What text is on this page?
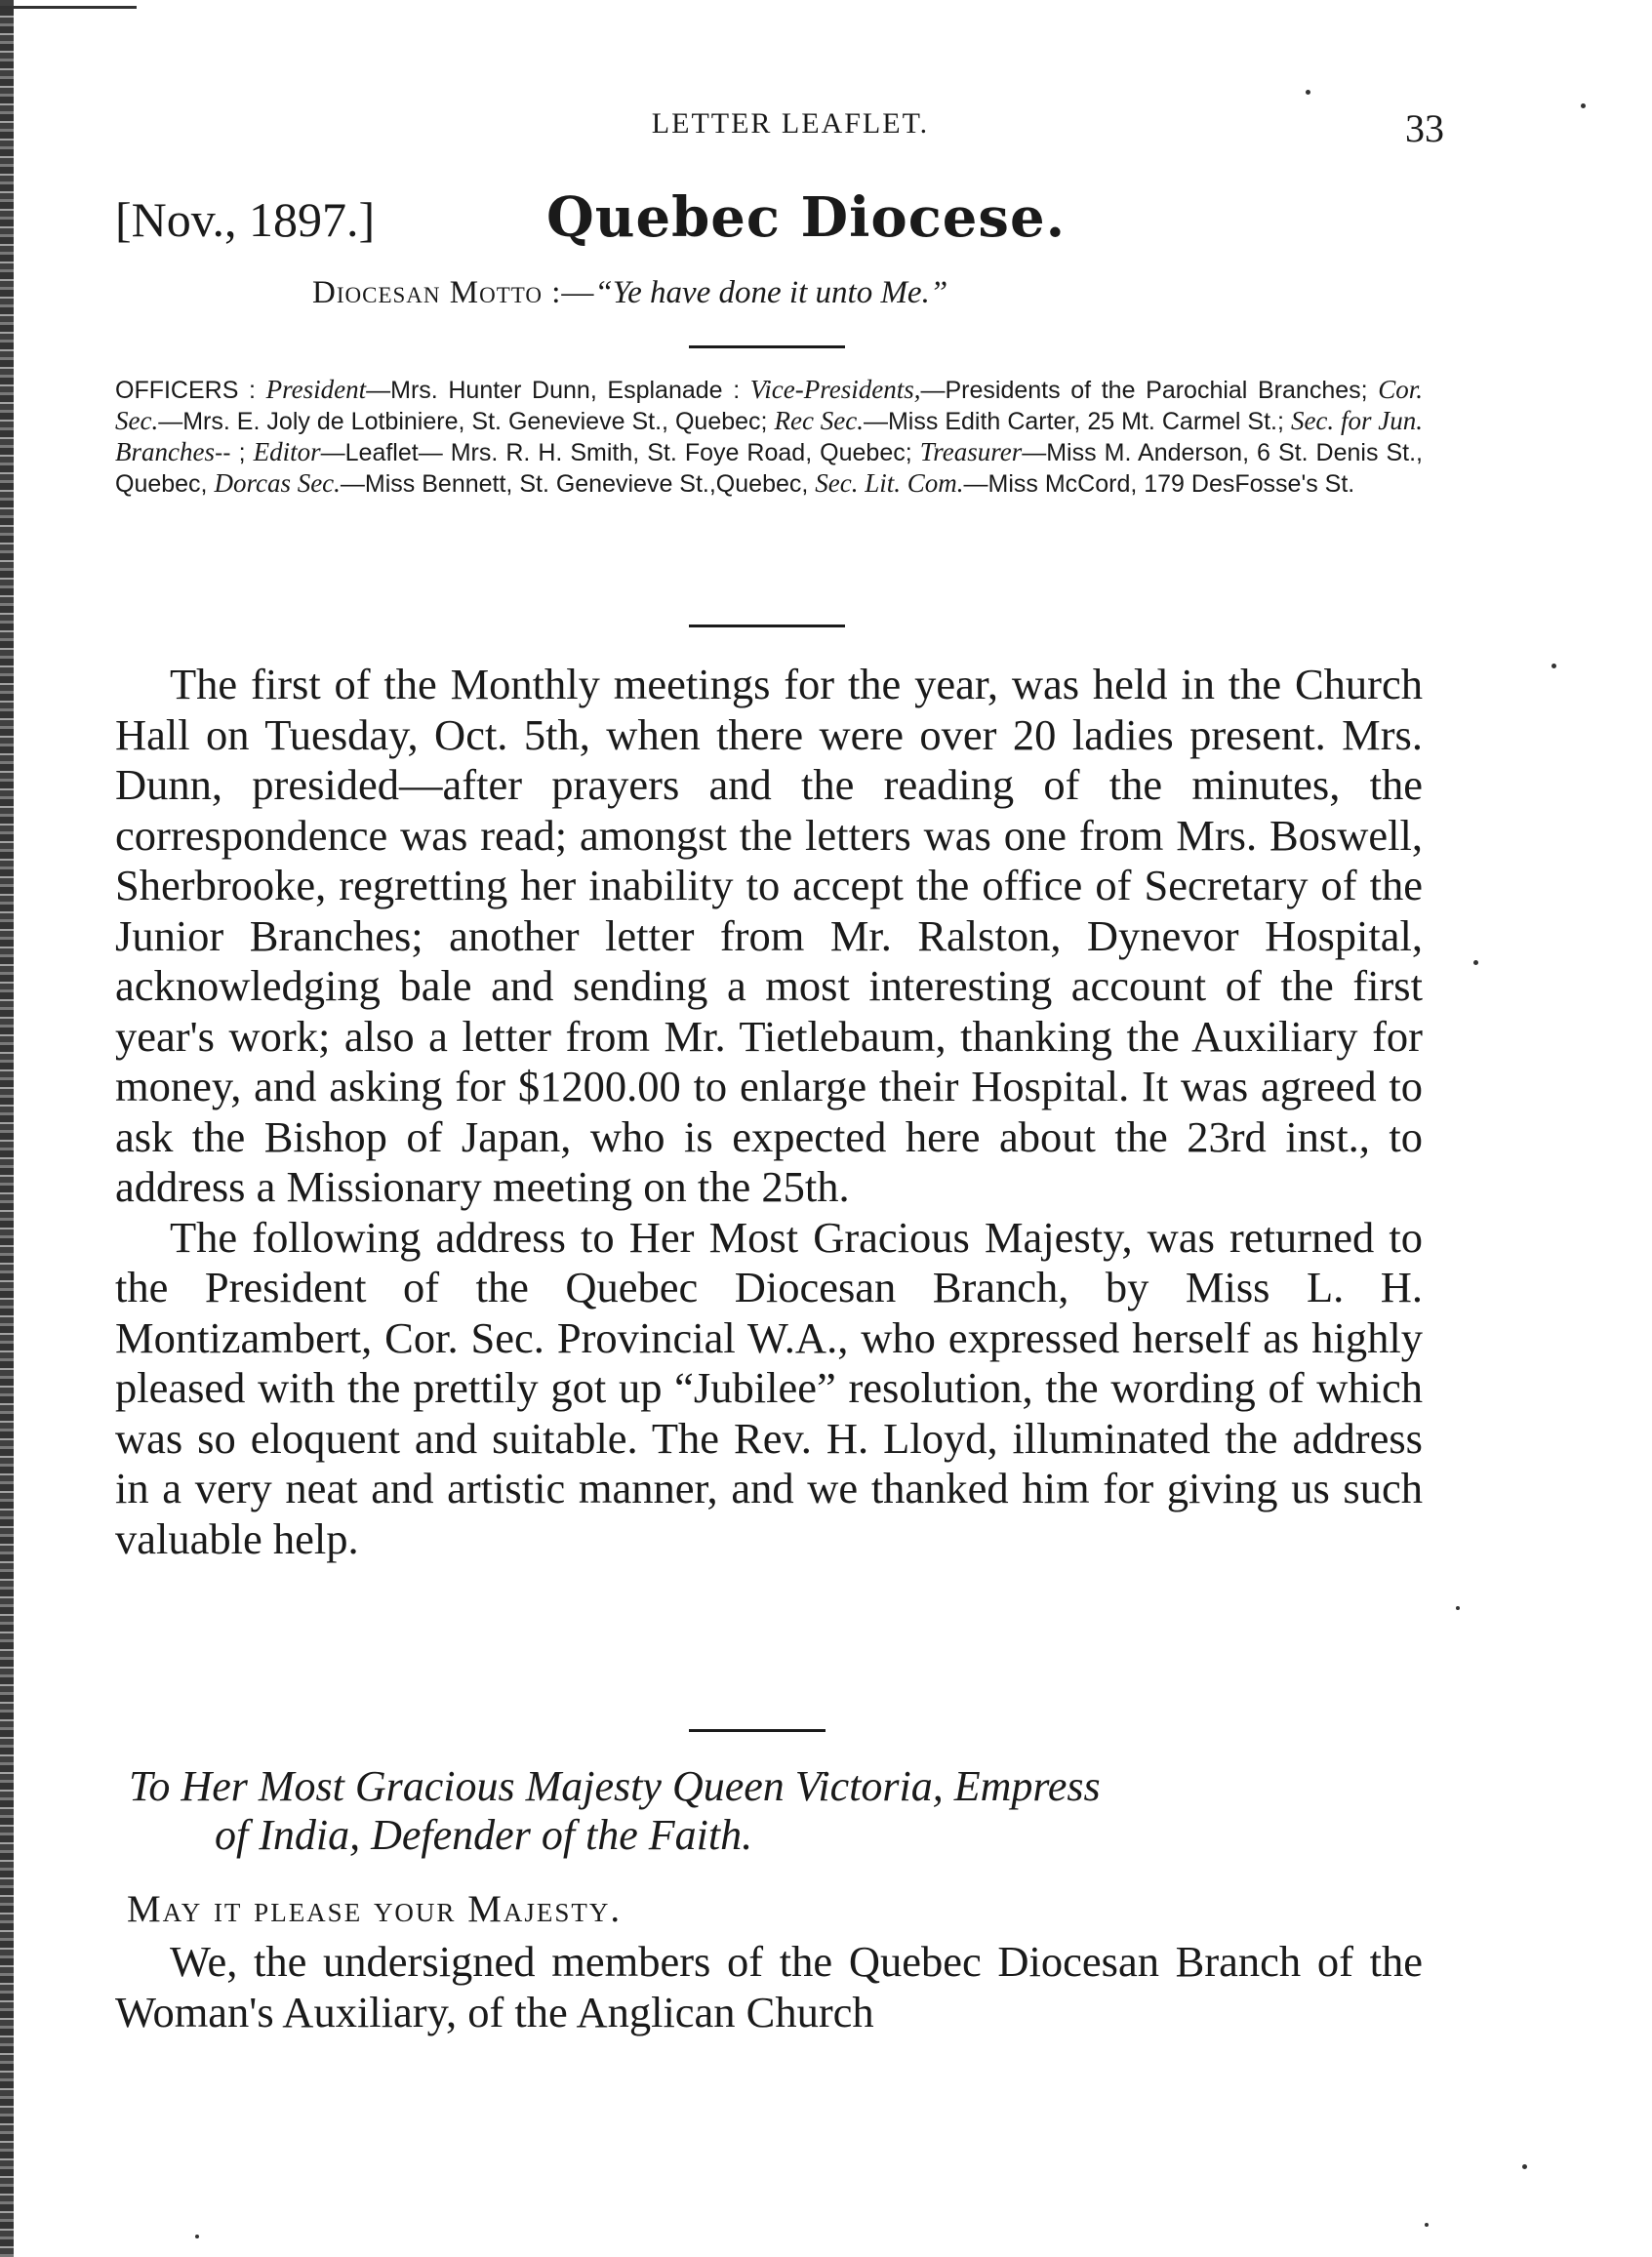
LETTER LEAFLET.	33
[Nov., 1897.]	Quebec Diocese.
Diocesan Motto :—“Ye have done it unto Me.”

OFFICERS : President—Mrs. Hunter Dunn, Esplanade : Vice-Presidents,—Presidents of the Parochial Branches; Cor. Sec.—Mrs. E. Joly de Lotbiniere, St. Genevieve St., Quebec; Rec Sec.—Miss Edith Carter, 25 Mt. Carmel St.; Sec. for Jun. Branches-- ; Editor—Leaflet— Mrs. R. H. Smith, St. Foye Road, Quebec; Treasurer—Miss M. Anderson, 6 St. Denis St., Quebec, Dorcas Sec.—Miss Bennett, St. Genevieve St.,Quebec, Sec. Lit. Com.—Miss McCord, 179 DesFosse's St.

The first of the Monthly meetings for the year, was held in the Church Hall on Tuesday, Oct. 5th, when there were over 20 ladies present. Mrs. Dunn, presided—after prayers and the reading of the minutes, the correspondence was read; amongst the letters was one from Mrs. Boswell, Sherbrooke, regretting her inability to accept the office of Secretary of the Junior Branches; another letter from Mr. Ralston, Dynevor Hospital, acknowledging bale and sending a most interesting account of the first year's work; also a letter from Mr. Tietlebaum, thanking the Auxiliary for money, and asking for $1200.00 to enlarge their Hospital. It was agreed to ask the Bishop of Japan, who is expected here about the 23rd inst., to address a Missionary meeting on the 25th.

The following address to Her Most Gracious Majesty, was returned to the President of the Quebec Diocesan Branch, by Miss L. H. Montizambert, Cor. Sec. Provincial W.A., who expressed herself as highly pleased with the prettily got up “Jubilee” resolution, the wording of which was so eloquent and suitable. The Rev. H. Lloyd, illuminated the address in a very neat and artistic manner, and we thanked him for giving us such valuable help.

To Her Most Gracious Majesty Queen Victoria, Empress
of India, Defender of the Faith.
May it please your Majesty.

We, the undersigned members of the Quebec Diocesan Branch of the Woman's Auxiliary, of the Anglican Church
